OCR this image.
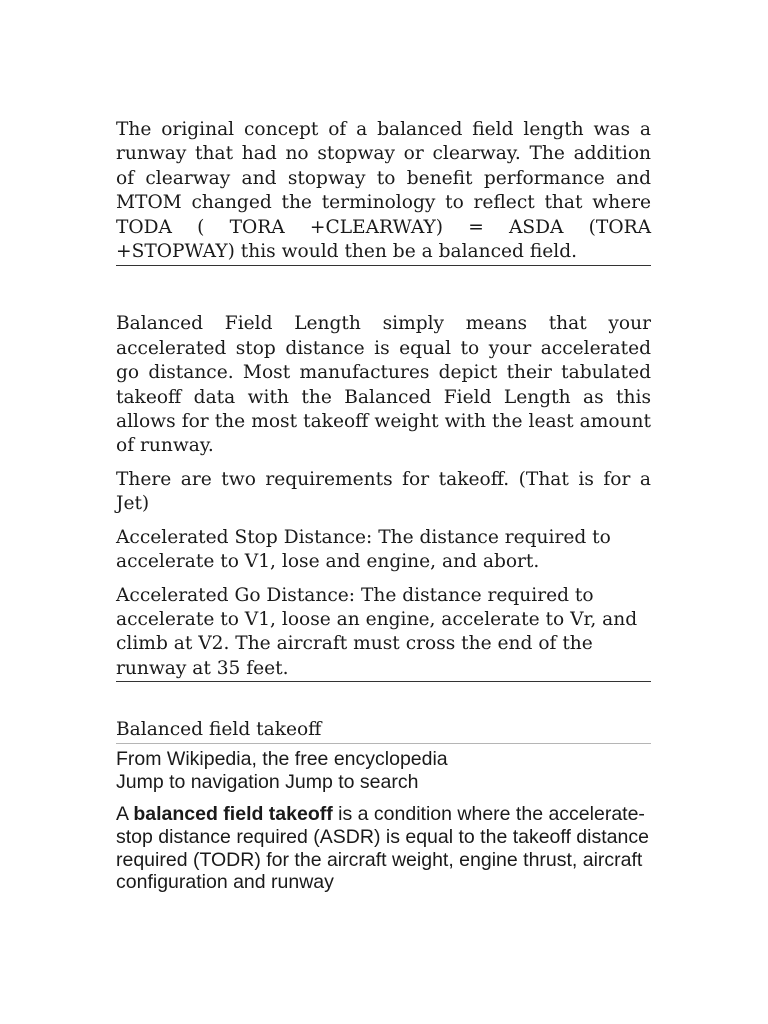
The original concept of a balanced field length was a runway that had no stopway or clearway. The addition of clearway and stopway to benefit performance and MTOM changed the terminology to reflect that where TODA ( TORA +CLEARWAY) = ASDA (TORA +STOPWAY) this would then be a balanced field.

Balanced Field Length simply means that your accelerated stop distance is equal to your accelerated go distance. Most manufactures depict their tabulated takeoff data with the Balanced Field Length as this allows for the most takeoff weight with the least amount of runway.

There are two requirements for takeoff. (That is for a Jet)

Accelerated Stop Distance: The distance required to accelerate to V1, lose and engine, and abort.

Accelerated Go Distance: The distance required to accelerate to V1, loose an engine, accelerate to Vr, and climb at V2. The aircraft must cross the end of the runway at 35 feet.

Balanced field takeoff

From Wikipedia, the free encyclopedia

Jump to navigation Jump to search

A balanced field takeoff is a condition where the accelerate-stop distance required (ASDR) is equal to the takeoff distance required (TODR) for the aircraft weight, engine thrust, aircraft configuration and runway
